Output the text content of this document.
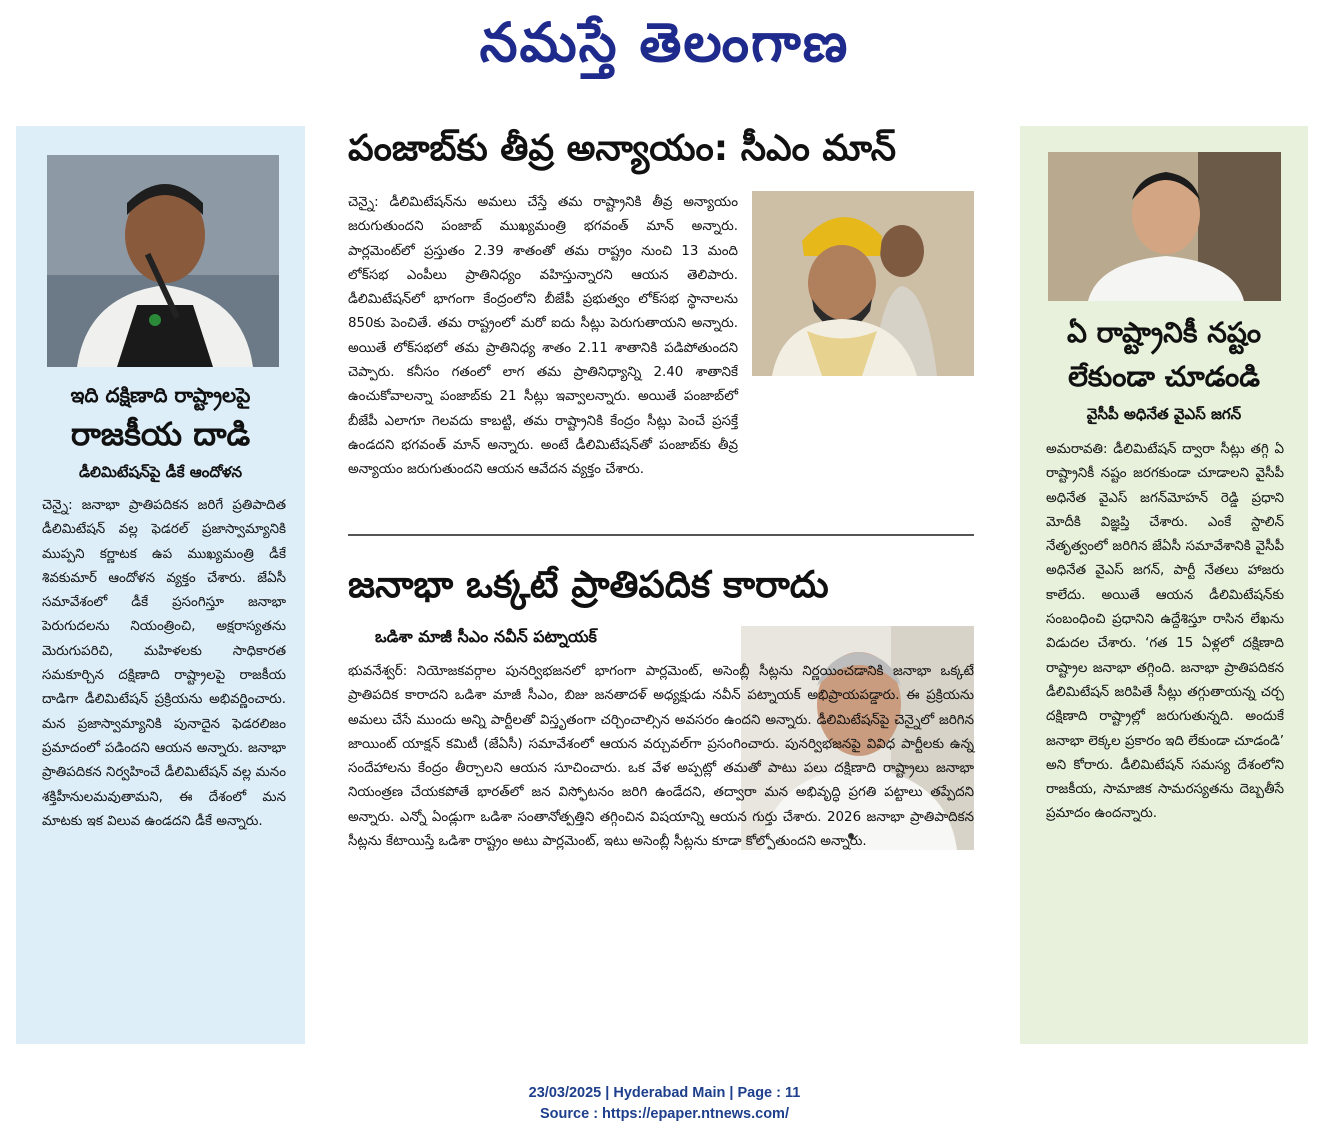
నమస్తే తెలంగాణ
ఇది దక్షిణాది రాష్ట్రాలపై
రాజకీయ దాడి
డీలిమిటేషన్‌పై డీకే ఆందోళన
చెన్నై: జనాభా ప్రాతిపదికన జరిగే ప్రతిపాదిత డీలిమిటేషన్ వల్ల ఫెడరల్ ప్రజాస్వామ్యానికి ముప్పని కర్ణాటక ఉప ముఖ్యమంత్రి డీకే శివకుమార్ ఆందోళన వ్యక్తం చేశారు. జేఏసీ సమావేశంలో డీకే ప్రసంగిస్తూ జనాభా పెరుగుదలను నియంత్రించి, అక్షరాస్యతను మెరుగుపరిచి, మహిళలకు సాధికారత సమకూర్చిన దక్షిణాది రాష్ట్రాలపై రాజకీయ దాడిగా డీలిమిటేషన్ ప్రక్రియను అభివర్ణించారు. మన ప్రజాస్వామ్యానికి పునాదైన ఫెడరలిజం ప్రమాదంలో పడిందని ఆయన అన్నారు. జనాభా ప్రాతిపదికన నిర్వహించే డీలిమిటేషన్ వల్ల మనం శక్తిహీనులమవుతామని, ఈ దేశంలో మన మాటకు ఇక విలువ ఉండదని డీకే అన్నారు.
పంజాబ్‌కు తీవ్ర అన్యాయం: సీఎం మాన్
చెన్నై: డీలిమిటేషన్‌ను అమలు చేస్తే తమ రాష్ట్రానికి తీవ్ర అన్యాయం జరుగుతుందని పంజాబ్ ముఖ్యమంత్రి భగవంత్ మాన్ అన్నారు. పార్లమెంట్‌లో ప్రస్తుతం 2.39 శాతంతో తమ రాష్ట్రం నుంచి 13 మంది లోక్‌సభ ఎంపీలు ప్రాతినిధ్యం వహిస్తున్నారని ఆయన తెలిపారు. డీలిమిటేషన్‌లో భాగంగా కేంద్రంలోని బీజేపీ ప్రభుత్వం లోక్‌సభ స్థానాలను 850కు పెంచితే. తమ రాష్ట్రంలో మరో ఐదు సీట్లు పెరుగుతాయని అన్నారు. అయితే లోక్‌సభలో తమ ప్రాతినిధ్య శాతం 2.11 శాతానికి పడిపోతుందని చెప్పారు. కనీసం గతంలో లాగ తమ ప్రాతినిధ్యాన్ని 2.40 శాతానికే ఉంచుకోవాలన్నా పంజాబ్‌కు 21 సీట్లు ఇవ్వాలన్నారు. అయితే పంజాబ్‌లో బీజేపీ ఎలాగూ గెలవదు కాబట్టి, తమ రాష్ట్రానికి కేంద్రం సీట్లు పెంచే ప్రసక్తే ఉండదని భగవంత్ మాన్ అన్నారు. అంటే డీలిమిటేషన్‌తో పంజాబ్‌కు తీవ్ర అన్యాయం జరుగుతుందని ఆయన ఆవేదన వ్యక్తం చేశారు.
జనాభా ఒక్కటే ప్రాతిపదిక కారాదు
ఒడిశా మాజీ సీఎం నవీన్ పట్నాయక్
భువనేశ్వర్: నియోజకవర్గాల పునర్విభజనలో భాగంగా పార్లమెంట్, అసెంబ్లీ సీట్లను నిర్ణయించడానికి జనాభా ఒక్కటే ప్రాతిపదిక కారాదని ఒడిశా మాజీ సీఎం, బిజు జనతాదళ్ అధ్యక్షుడు నవీన్ పట్నాయక్ అభిప్రాయపడ్డారు. ఈ ప్రక్రియను అమలు చేసే ముందు అన్ని పార్టీలతో విస్తృతంగా చర్చించాల్సిన అవసరం ఉందని అన్నారు. డీలిమిటేషన్‌పై చెన్నైలో జరిగిన జాయింట్ యాక్షన్ కమిటీ (జేఏసీ) సమావేశంలో ఆయన వర్చువల్‌గా ప్రసంగించారు. పునర్విభజనపై వివిధ పార్టీలకు ఉన్న సందేహాలను కేంద్రం తీర్చాలని ఆయన సూచించారు. ఒక వేళ అప్పట్లో తమతో పాటు పలు దక్షిణాది రాష్ట్రాలు జనాభా నియంత్రణ చేయకపోతే భారత్‌లో జన విస్ఫోటనం జరిగి ఉండేదని, తద్వారా మన అభివృద్ధి ప్రగతి పట్టాలు తప్పేదని అన్నారు. ఎన్నో ఏండ్లుగా ఒడిశా సంతానోత్పత్తిని తగ్గించిన విషయాన్ని ఆయన గుర్తు చేశారు. 2026 జనాభా ప్రాతిపాదికన సీట్లను కేటాయిస్తే ఒడిశా రాష్ట్రం అటు పార్లమెంట్, ఇటు అసెంబ్లీ సీట్లను కూడా కోల్పోతుందని అన్నారు.
ఏ రాష్ట్రానికీ నష్టం
లేకుండా చూడండి
వైసీపీ అధినేత వైఎస్ జగన్
అమరావతి: డీలిమిటేషన్ ద్వారా సీట్లు తగ్గి ఏ రాష్ట్రానికీ నష్టం జరగకుండా చూడాలని వైసీపీ అధినేత వైఎస్ జగన్‌మోహన్ రెడ్డి ప్రధాని మోదీకి విజ్ఞప్తి చేశారు. ఎంకే స్టాలిన్ నేతృత్వంలో జరిగిన జేఏసీ సమావేశానికి వైసీపీ అధినేత వైఎస్ జగన్, పార్టీ నేతలు హాజరు కాలేదు. అయితే ఆయన డీలిమిటేషన్‌కు సంబంధించి ప్రధానిని ఉద్దేశిస్తూ రాసిన లేఖను విడుదల చేశారు. ‘గత 15 ఏళ్లలో దక్షిణాది రాష్ట్రాల జనాభా తగ్గింది. జనాభా ప్రాతిపదికన డీలిమిటేషన్ జరిపితే సీట్లు తగ్గుతాయన్న చర్చ దక్షిణాది రాష్ట్రాల్లో జరుగుతున్నది. అందుకే జనాభా లెక్కల ప్రకారం ఇది లేకుండా చూడండి’ అని కోరారు. డీలిమిటేషన్ సమస్య దేశంలోని రాజకీయ, సామాజిక సామరస్యతను దెబ్బతీసే ప్రమాదం ఉందన్నారు.
23/03/2025 | Hyderabad Main | Page : 11
Source : https://epaper.ntnews.com/
